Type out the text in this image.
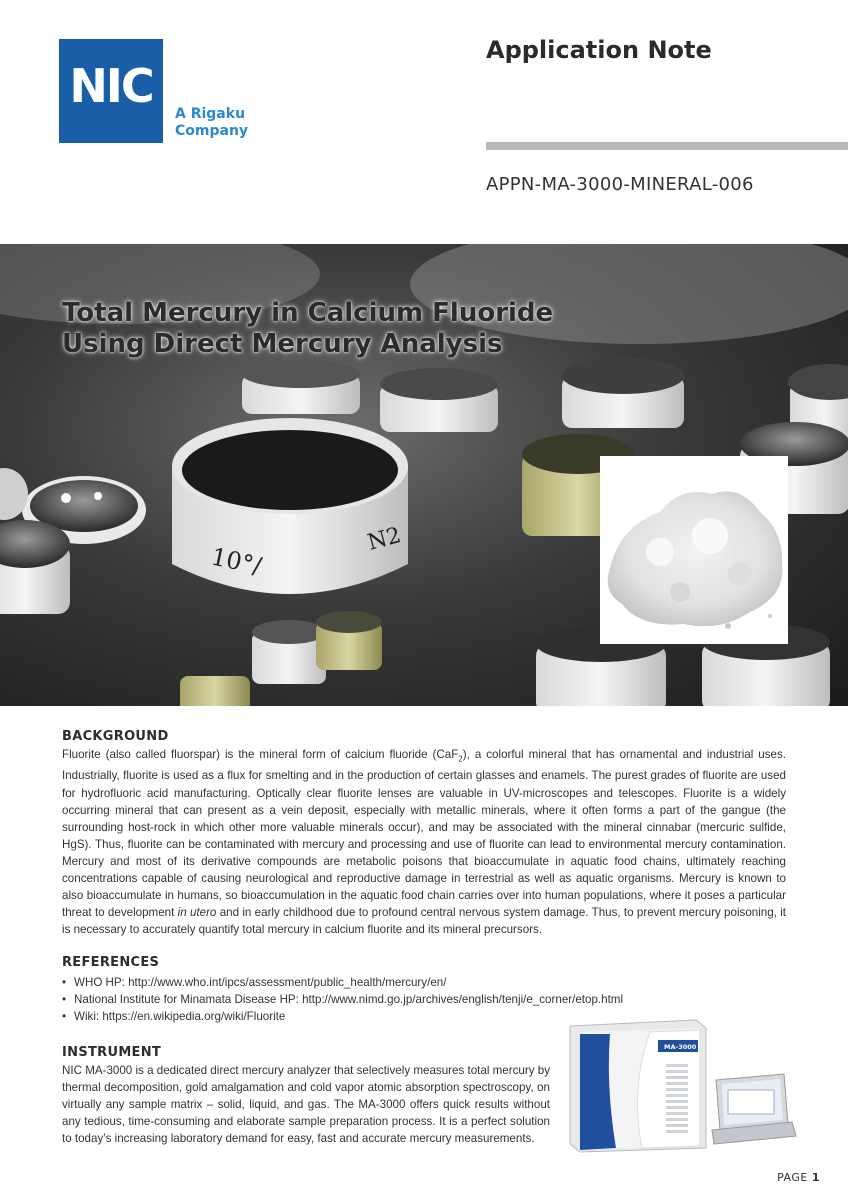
NIC
A Rigaku
Company
Application Note
APPN-MA-3000-MINERAL-006
10°/
N2
Total Mercury in Calcium Fluoride
Using Direct Mercury Analysis
BACKGROUND

Fluorite (also called fluorspar) is the mineral form of calcium fluoride (CaF$_2$), a colorful mineral that has ornamental and industrial uses. Industrially, fluorite is used as a flux for smelting and in the production of certain glasses and enamels. The purest grades of fluorite are used for hydrofluoric acid manufacturing. Optically clear fluorite lenses are valuable in UV-microscopes and telescopes. Fluorite is a widely occurring mineral that can present as a vein deposit, especially with metallic minerals, where it often forms a part of the gangue (the surrounding host-rock in which other more valuable minerals occur), and may be associated with the mineral cinnabar (mercuric sulfide, HgS). Thus, fluorite can be contaminated with mercury and processing and use of fluorite can lead to environmental mercury contamination. Mercury and most of its derivative compounds are metabolic poisons that bioaccumulate in aquatic food chains, ultimately reaching concentrations capable of causing neurological and reproductive damage in terrestrial as well as aquatic organisms. Mercury is known to also bioaccumulate in humans, so bioaccumulation in the aquatic food chain carries over into human populations, where it poses a particular threat to development in utero and in early childhood due to profound central nervous system damage. Thus, to prevent mercury poisoning, it is necessary to accurately quantify total mercury in calcium fluorite and its mineral precursors.

REFERENCES
• WHO HP: http://www.who.int/ipcs/assessment/public_health/mercury/en/
• National Institute for Minamata Disease HP: http://www.nimd.go.jp/archives/english/tenji/e_corner/etop.html
• Wiki: https://en.wikipedia.org/wiki/Fluorite
INSTRUMENT

NIC MA-3000 is a dedicated direct mercury analyzer that selectively measures total mercury by thermal decomposition, gold amalgamation and cold vapor atomic absorption spectroscopy, on virtually any sample matrix – solid, liquid, and gas. The MA-3000 offers quick results without any tedious, time-consuming and elaborate sample preparation process. It is a perfect solution to today’s increasing laboratory demand for easy, fast and accurate mercury measurements.

MA-3000
PAGE 1
